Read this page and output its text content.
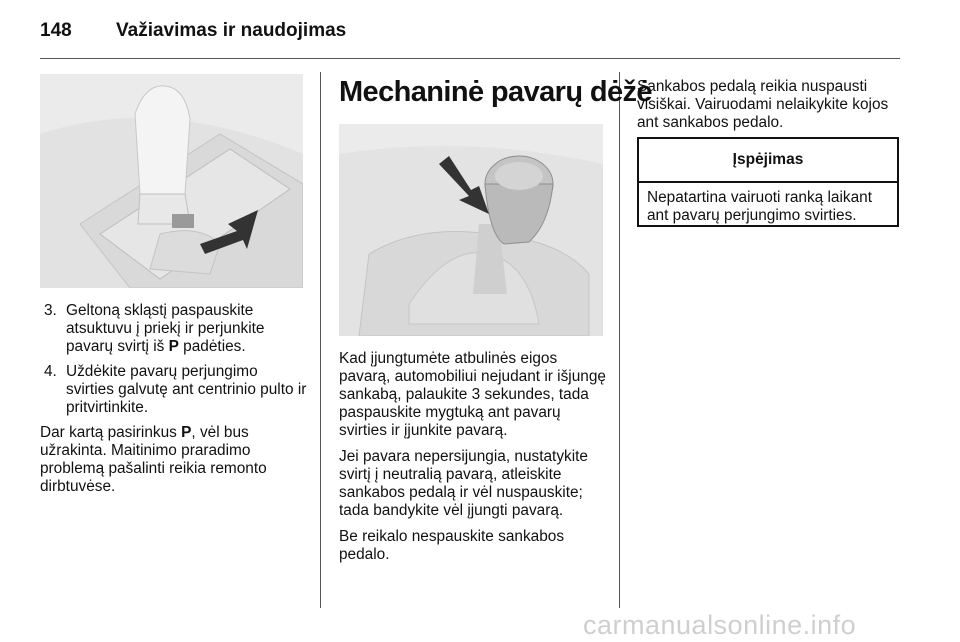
148 Važiavimas ir naudojimas
3. Geltoną skląstį paspauskite atsuktuvu į priekį ir perjunkite pavarų svirtį iš P padėties.
4. Uždėkite pavarų perjungimo svirties galvutę ant centrinio pulto ir pritvirtinkite.

Dar kartą pasirinkus P, vėl bus užrakinta. Maitinimo praradimo problemą pašalinti reikia remonto dirbtuvėse.

Mechaninė pavarų dėžė

Kad įjungtumėte atbulinės eigos pavarą, automobiliui nejudant ir išjungę sankabą, palaukite 3 sekundes, tada paspauskite mygtuką ant pavarų svirties ir įjunkite pavarą.

Jei pavara nepersijungia, nustatykite svirtį į neutralią pavarą, atleiskite sankabos pedalą ir vėl nuspauskite; tada bandykite vėl įjungti pavarą.

Be reikalo nespauskite sankabos pedalo.

Sankabos pedalą reikia nuspausti visiškai. Vairuodami nelaikykite kojos ant sankabos pedalo.

Įspėjimas
Nepatartina vairuoti ranką laikant ant pavarų perjungimo svirties.
carmanualsonline.info
